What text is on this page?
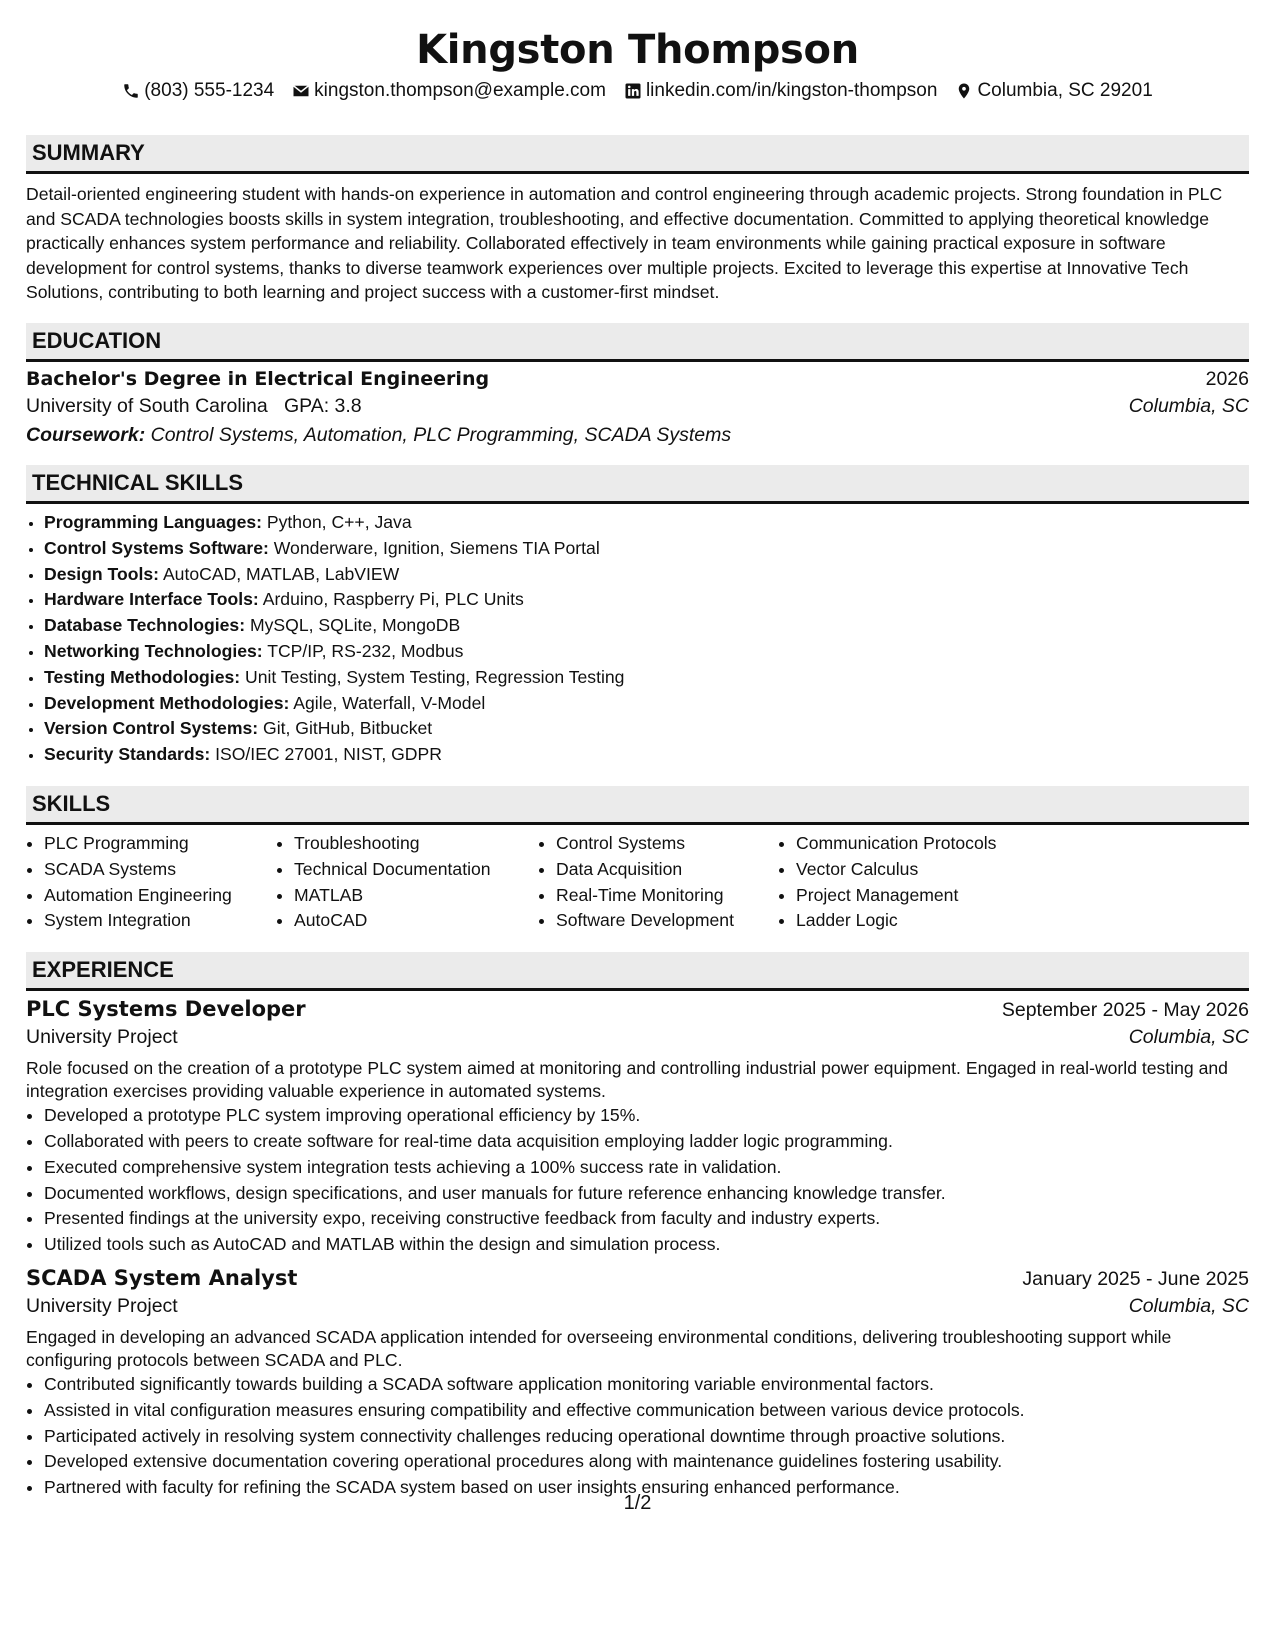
Kingston Thompson
(803) 555-1234 kingston.thompson@example.com linkedin.com/in/kingston-thompson Columbia, SC 29201
SUMMARY
Detail-oriented engineering student with hands-on experience in automation and control engineering through academic projects. Strong foundation in PLC and SCADA technologies boosts skills in system integration, troubleshooting, and effective documentation. Committed to applying theoretical knowledge practically enhances system performance and reliability. Collaborated effectively in team environments while gaining practical exposure in software development for control systems, thanks to diverse teamwork experiences over multiple projects. Excited to leverage this expertise at Innovative Tech Solutions, contributing to both learning and project success with a customer-first mindset.
EDUCATION
Bachelor's Degree in Electrical Engineering	2026
University of South Carolina GPA: 3.8	Columbia, SC
Coursework: Control Systems, Automation, PLC Programming, SCADA Systems
TECHNICAL SKILLS
• Programming Languages: Python, C++, Java
• Control Systems Software: Wonderware, Ignition, Siemens TIA Portal
• Design Tools: AutoCAD, MATLAB, LabVIEW
• Hardware Interface Tools: Arduino, Raspberry Pi, PLC Units
• Database Technologies: MySQL, SQLite, MongoDB
• Networking Technologies: TCP/IP, RS-232, Modbus
• Testing Methodologies: Unit Testing, System Testing, Regression Testing
• Development Methodologies: Agile, Waterfall, V-Model
• Version Control Systems: Git, GitHub, Bitbucket
• Security Standards: ISO/IEC 27001, NIST, GDPR
SKILLS
• PLC Programming
• SCADA Systems
• Automation Engineering
• System Integration
• Troubleshooting
• Technical Documentation
• MATLAB
• AutoCAD
• Control Systems
• Data Acquisition
• Real-Time Monitoring
• Software Development
• Communication Protocols
• Vector Calculus
• Project Management
• Ladder Logic
EXPERIENCE
PLC Systems Developer	September 2025 - May 2026
University Project	Columbia, SC
Role focused on the creation of a prototype PLC system aimed at monitoring and controlling industrial power equipment. Engaged in real-world testing and integration exercises providing valuable experience in automated systems.
• Developed a prototype PLC system improving operational efficiency by 15%.
• Collaborated with peers to create software for real-time data acquisition employing ladder logic programming.
• Executed comprehensive system integration tests achieving a 100% success rate in validation.
• Documented workflows, design specifications, and user manuals for future reference enhancing knowledge transfer.
• Presented findings at the university expo, receiving constructive feedback from faculty and industry experts.
• Utilized tools such as AutoCAD and MATLAB within the design and simulation process.
SCADA System Analyst	January 2025 - June 2025
University Project	Columbia, SC
Engaged in developing an advanced SCADA application intended for overseeing environmental conditions, delivering troubleshooting support while configuring protocols between SCADA and PLC.
• Contributed significantly towards building a SCADA software application monitoring variable environmental factors.
• Assisted in vital configuration measures ensuring compatibility and effective communication between various device protocols.
• Participated actively in resolving system connectivity challenges reducing operational downtime through proactive solutions.
• Developed extensive documentation covering operational procedures along with maintenance guidelines fostering usability.
• Partnered with faculty for refining the SCADA system based on user insights ensuring enhanced performance.
1/2
